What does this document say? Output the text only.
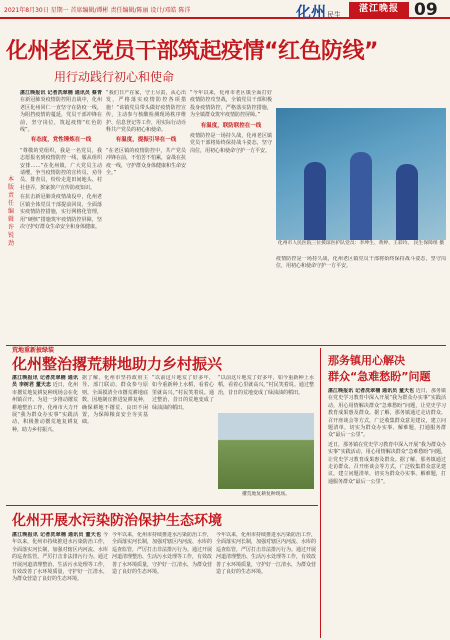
2021年8月30日 星期一 首席编辑/谭彬 责任编辑/陈丽 设计/邓皓 陈洋	化州民生
湛江晚报 09
化州老区党员干部筑起疫情“红色防线”
用行动践行初心和使命
本版责任编辑 许锐劲

湛江晚报讯 记者冼翠楠 通讯员 蔡青 在新冠肺炎疫情防控阻击战中，化州老区化州同仁一直坚守在防疫一线，为阻挡疫情的蔓延，党员干部冲锋在前，坚守岗位，筑起疫情“红色防线”。

有态度，党性锤炼在一线

“尊敬的党组织，我是一名党员，我志愿报名到疫情防控一线，服从组织安排……”在化州镇，广大党员主动请缨，争当疫情防控的宣传员、劝导员、排查员，纷纷走进田间地头、村社巷弄，挨家挨户宣传防疫知识。

在抗击新冠肺炎疫情战役中，化州老区镇全体党员干部提前回岗，全面落实疫情防控措施，实行网格化管理，用“硬核”措施筑牢疫情防控屏障，坚决守护好群众生命安全和身体健康。

“我们日产在家，守土尽责，从心出发，严格落实疫情防控各项措施！”该镇党员带头做好疫情防控宣传，主动参与核酸检测现场秩序维护、信息登记等工作，用实际行动诠释共产党员的初心和使命。

有温度，提振引导在一线

“在老区镇的疫情防控中，共产党员冲锋在前，不怕苦不怕累，奋战在抗疫一线，守护群众身体健康和生命安全。”

“今年以来，化州市老区镇全面打好疫情防控攻坚战，全镇党员干部积极投身疫情防控，严格落实防控措施，为全镇群众筑牢疫情防控屏障。”

有温度，联防联控在一线

疫情防控是一场持久战，化州老区镇党员干部将始终保持战斗姿态，坚守岗位，用初心和使命守护一方平安。

化州市人民医院三位援琼医护队党员：李坤生、黄婷、王彩玲。 民生保障组 摄

疫情防控是一场持久战，化州老区镇党员干部将始终保持战斗姿态，坚守岗位，用初心和使命守护一方平安。

荒地重新披绿装
化州整治撂荒耕地助力乡村振兴

湛江晚报讯 记者冼翠楠 通讯员 李树君 董天忠 近日，化州市撂荒地复耕复种现场会在化州镇召开。为进一步推动撂荒耕地整治工作，化州市大力开展“我为群众办实事”实践活动，积极推动撂荒地复耕复种，助力乡村振兴。

据了解，化州市坚持政府主导、部门联动、群众参与原则，全面摸清全市撂荒耕地底数，因地制宜推进复耕复种，确保耕地不撂荒、良田不闲置，为保障粮食安全夯实基础。

“以前这片地荒了好多年，如今重新种上水稻，看着心里就高兴。”村民笑着说。通过整治，昔日的荒地变成了绿油油的稻田。

“以前这片地荒了好多年，如今重新种上水稻，看着心里就高兴。”村民笑着说。通过整治，昔日的荒地变成了绿油油的稻田。

撂荒地复耕复种现场。
那务镇用心解决
群众“急难愁盼”问题

湛江晚报讯 记者冼翠楠 通讯员 童天也 近日，那务镇在党史学习教育中深入开展“我为群众办实事”实践活动，用心用情解决群众“急难愁盼”问题，让党史学习教育成果惠及群众。据了解，那务镇通过走访群众、召开座谈会等方式，广泛收集群众意见建议，建立问题清单，切实为群众办实事、解难题，打通服务群众“最后一公里”。

近日，那务镇在党史学习教育中深入开展“我为群众办实事”实践活动，用心用情解决群众“急难愁盼”问题，让党史学习教育成果惠及群众。据了解，那务镇通过走访群众、召开座谈会等方式，广泛收集群众意见建议，建立问题清单，切实为群众办实事、解难题，打通服务群众“最后一公里”。

化州开展水污染防治保护生态环境

湛江晚报讯 记者冼翠楠 通讯员 董天也 今年以来，化州市持续推进水污染防治工作，全面落实河长制，加强对辖区内河流、水库的巡查监管，严厉打击非法排污行为。通过开展河道清理整治、生活污水处理等工作，有效改善了水环境质量，守护好一江清水，为群众营造了良好的生态环境。

今年以来，化州市持续推进水污染防治工作，全面落实河长制，加强对辖区内河流、水库的巡查监管，严厉打击非法排污行为。通过开展河道清理整治、生活污水处理等工作，有效改善了水环境质量，守护好一江清水，为群众营造了良好的生态环境。

今年以来，化州市持续推进水污染防治工作，全面落实河长制，加强对辖区内河流、水库的巡查监管，严厉打击非法排污行为。通过开展河道清理整治、生活污水处理等工作，有效改善了水环境质量，守护好一江清水，为群众营造了良好的生态环境。
